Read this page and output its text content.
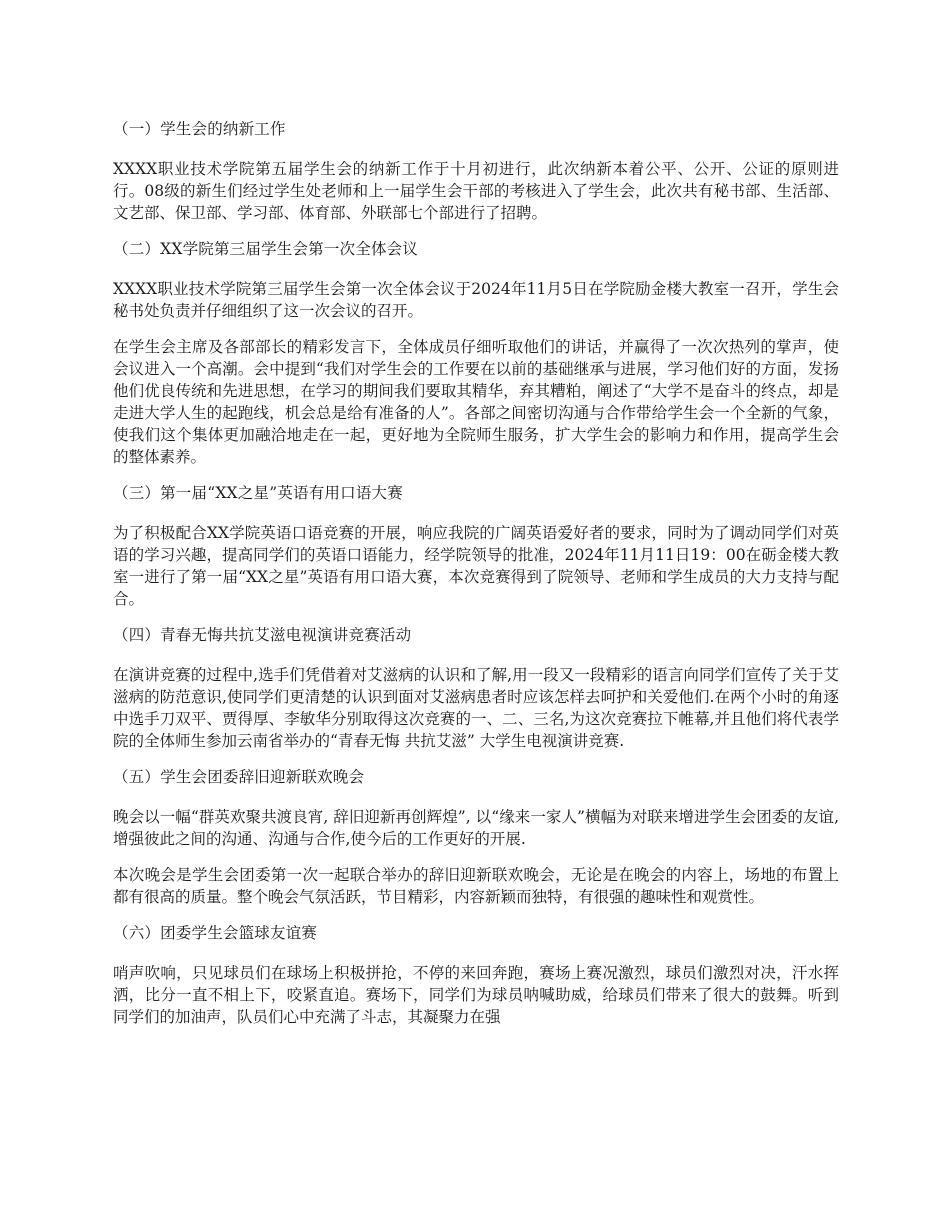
（一）学生会的纳新工作

XXXX职业技术学院第五届学生会的纳新工作于十月初进行，此次纳新本着公平、公开、公证的原则进行。08级的新生们经过学生处老师和上一届学生会干部的考核进入了学生会，此次共有秘书部、生活部、文艺部、保卫部、学习部、体育部、外联部七个部进行了招聘。

（二）XX学院第三届学生会第一次全体会议

XXXX职业技术学院第三届学生会第一次全体会议于2024年11月5日在学院励金楼大教室一召开，学生会秘书处负责并仔细组织了这一次会议的召开。

在学生会主席及各部部长的精彩发言下，全体成员仔细听取他们的讲话，并赢得了一次次热列的掌声，使会议进入一个高潮。会中提到“我们对学生会的工作要在以前的基础继承与进展，学习他们好的方面，发扬他们优良传统和先进思想，在学习的期间我们要取其精华，弃其糟粕，阐述了“大学不是奋斗的终点，却是走进大学人生的起跑线，机会总是给有准备的人”。各部之间密切沟通与合作带给学生会一个全新的气象，使我们这个集体更加融洽地走在一起，更好地为全院师生服务，扩大学生会的影响力和作用，提高学生会的整体素养。

（三）第一届“XX之星”英语有用口语大赛

为了积极配合XX学院英语口语竞赛的开展，响应我院的广阔英语爱好者的要求，同时为了调动同学们对英语的学习兴趣，提高同学们的英语口语能力，经学院领导的批准，2024年11月11日19：00在砺金楼大教室一进行了第一届“XX之星”英语有用口语大赛，本次竞赛得到了院领导、老师和学生成员的大力支持与配合。

（四）青春无悔共抗艾滋电视演讲竞赛活动

在演讲竞赛的过程中,选手们凭借着对艾滋病的认识和了解,用一段又一段精彩的语言向同学们宣传了关于艾滋病的防范意识,使同学们更清楚的认识到面对艾滋病患者时应该怎样去呵护和关爱他们.在两个小时的角逐中选手刀双平、贾得厚、李敏华分别取得这次竞赛的一、二、三名,为这次竞赛拉下帷幕,并且他们将代表学院的全体师生参加云南省举办的“青春无悔 共抗艾滋” 大学生电视演讲竞赛.

（五）学生会团委辞旧迎新联欢晚会

晚会以一幅“群英欢聚共渡良宵, 辞旧迎新再创辉煌”, 以“缘来一家人”横幅为对联来增进学生会团委的友谊,增强彼此之间的沟通、沟通与合作,使今后的工作更好的开展.

本次晚会是学生会团委第一次一起联合举办的辞旧迎新联欢晚会，无论是在晚会的内容上，场地的布置上都有很高的质量。整个晚会气氛活跃，节目精彩，内容新颖而独特，有很强的趣味性和观赏性。

（六）团委学生会篮球友谊赛

哨声吹响，只见球员们在球场上积极拼抢，不停的来回奔跑，赛场上赛况激烈，球员们激烈对决，汗水挥洒，比分一直不相上下，咬紧直追。赛场下，同学们为球员呐喊助威，给球员们带来了很大的鼓舞。听到同学们的加油声，队员们心中充满了斗志，其凝聚力在强
